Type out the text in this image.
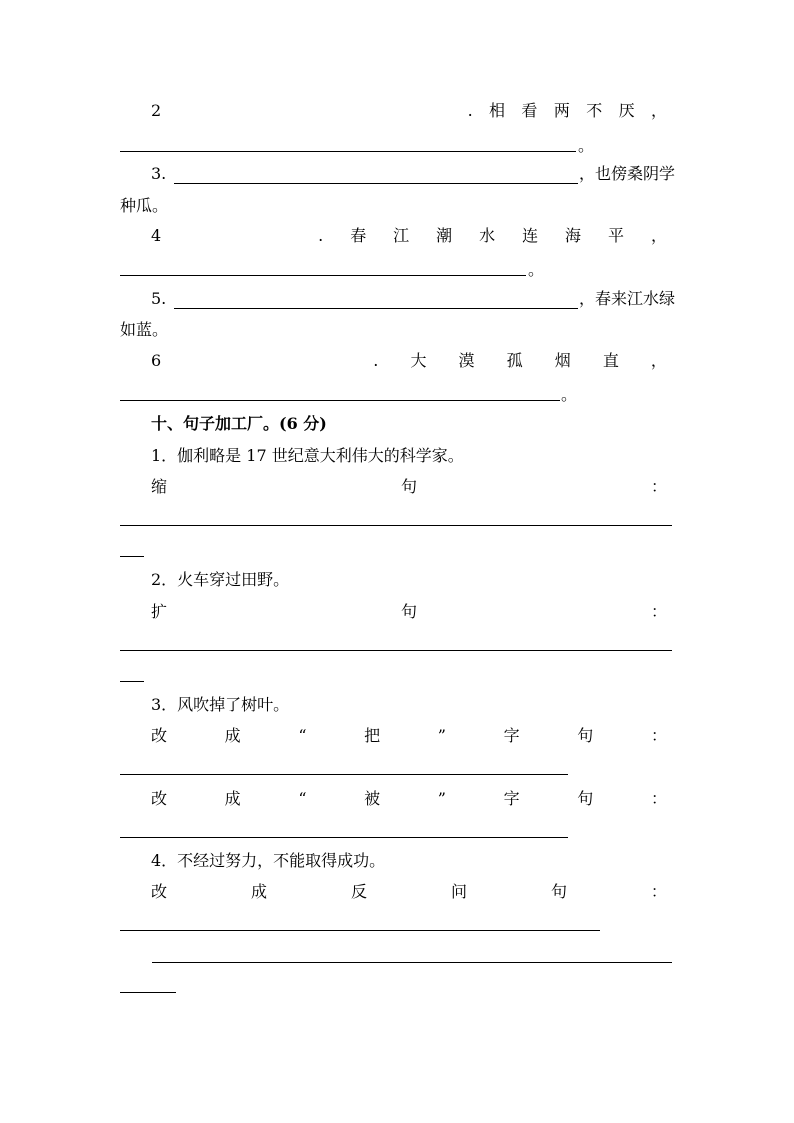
2	. 相 看 两 不 厌 ，
。
3.	，也傍桑阴学
种瓜。
4	. 春 江 潮 水 连 海 平 ，
。
5.	，春来江水绿
如蓝。
6	. 大 漠 孤 烟 直 ，
。
十、句子加工厂。(6 分)
1．伽利略是 17 世纪意大利伟大的科学家。
缩	句	：
2．火车穿过田野。
扩	句	：
3．风吹掉了树叶。
改	成	“	把	”	字	句	：
改	成	“	被	”	字	句	：
4．不经过努力，不能取得成功。
改	成	反	问	句	：
